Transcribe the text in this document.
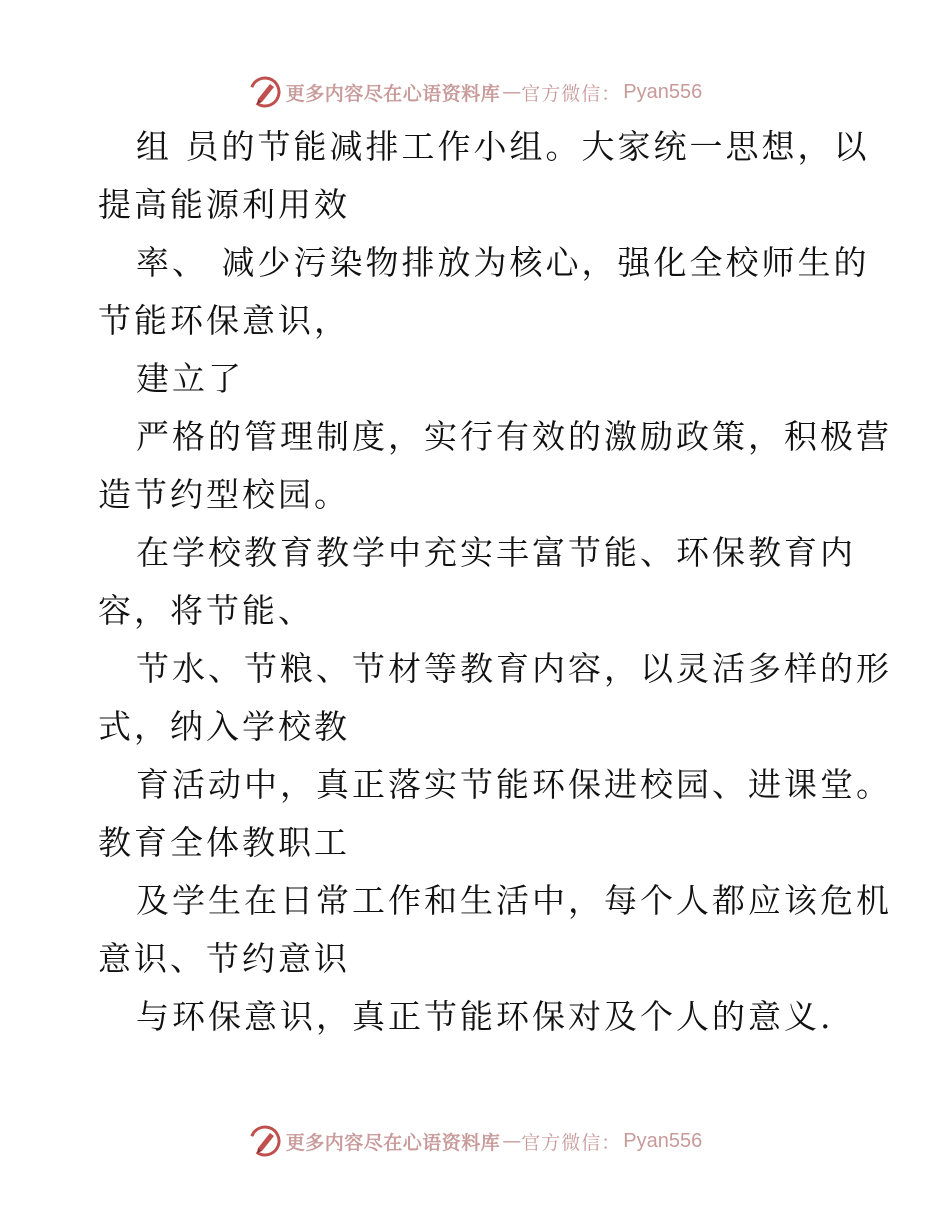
更多内容尽在心语资料库 — 官方微信： Pyan556
组 员的节能减排工作小组。大家统一思想，以
提高能源利用效
率、 减少污染物排放为核心，强化全校师生的
节能环保意识，
建立了
严格的管理制度，实行有效的激励政策，积极营
造节约型校园。
在学校教育教学中充实丰富节能、环保教育内
容，将节能、
节水、节粮、节材等教育内容，以灵活多样的形
式，纳入学校教
育活动中，真正落实节能环保进校园、进课堂。
教育全体教职工
及学生在日常工作和生活中，每个人都应该危机
意识、节约意识
与环保意识，真正节能环保对及个人的意义.
更多内容尽在心语资料库 — 官方微信： Pyan556
